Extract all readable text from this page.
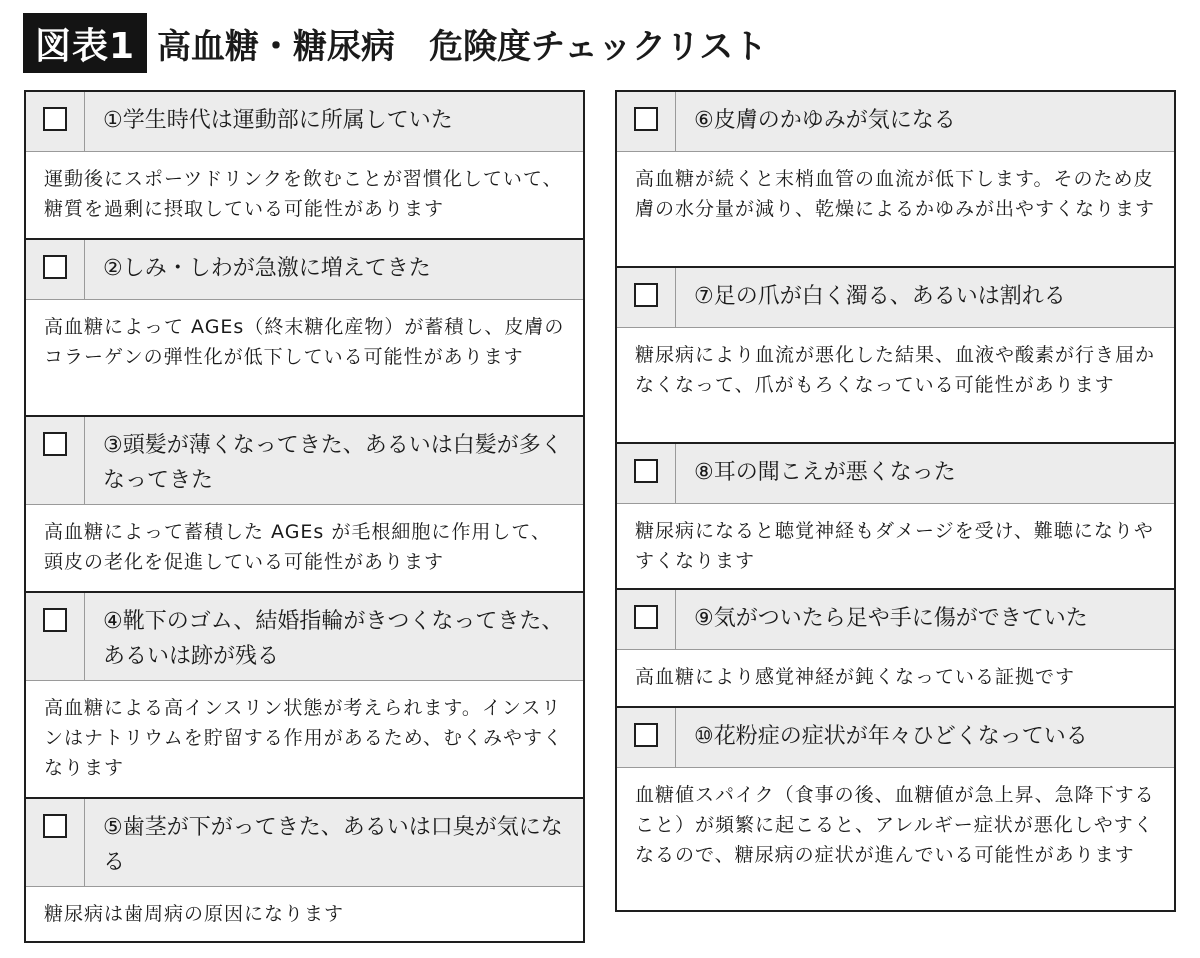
図表1 高血糖・糖尿病　危険度チェックリスト
①学生時代は運動部に所属していた
運動後にスポーツドリンクを飲むことが習慣化していて、糖質を過剰に摂取している可能性があります
②しみ・しわが急激に増えてきた
高血糖によって AGEs（終末糖化産物）が蓄積し、皮膚のコラーゲンの弾性化が低下している可能性があります
③頭髪が薄くなってきた、あるいは白髪が多くなってきた
高血糖によって蓄積した AGEs が毛根細胞に作用して、頭皮の老化を促進している可能性があります
④靴下のゴム、結婚指輪がきつくなってきた、あるいは跡が残る
高血糖による高インスリン状態が考えられます。インスリンはナトリウムを貯留する作用があるため、むくみやすくなります
⑤歯茎が下がってきた、あるいは口臭が気になる
糖尿病は歯周病の原因になります
⑥皮膚のかゆみが気になる
高血糖が続くと末梢血管の血流が低下します。そのため皮膚の水分量が減り、乾燥によるかゆみが出やすくなります
⑦足の爪が白く濁る、あるいは割れる
糖尿病により血流が悪化した結果、血液や酸素が行き届かなくなって、爪がもろくなっている可能性があります
⑧耳の聞こえが悪くなった
糖尿病になると聴覚神経もダメージを受け、難聴になりやすくなります
⑨気がついたら足や手に傷ができていた
高血糖により感覚神経が鈍くなっている証拠です
⑩花粉症の症状が年々ひどくなっている
血糖値スパイク（食事の後、血糖値が急上昇、急降下すること）が頻繁に起こると、アレルギー症状が悪化しやすくなるので、糖尿病の症状が進んでいる可能性があります
